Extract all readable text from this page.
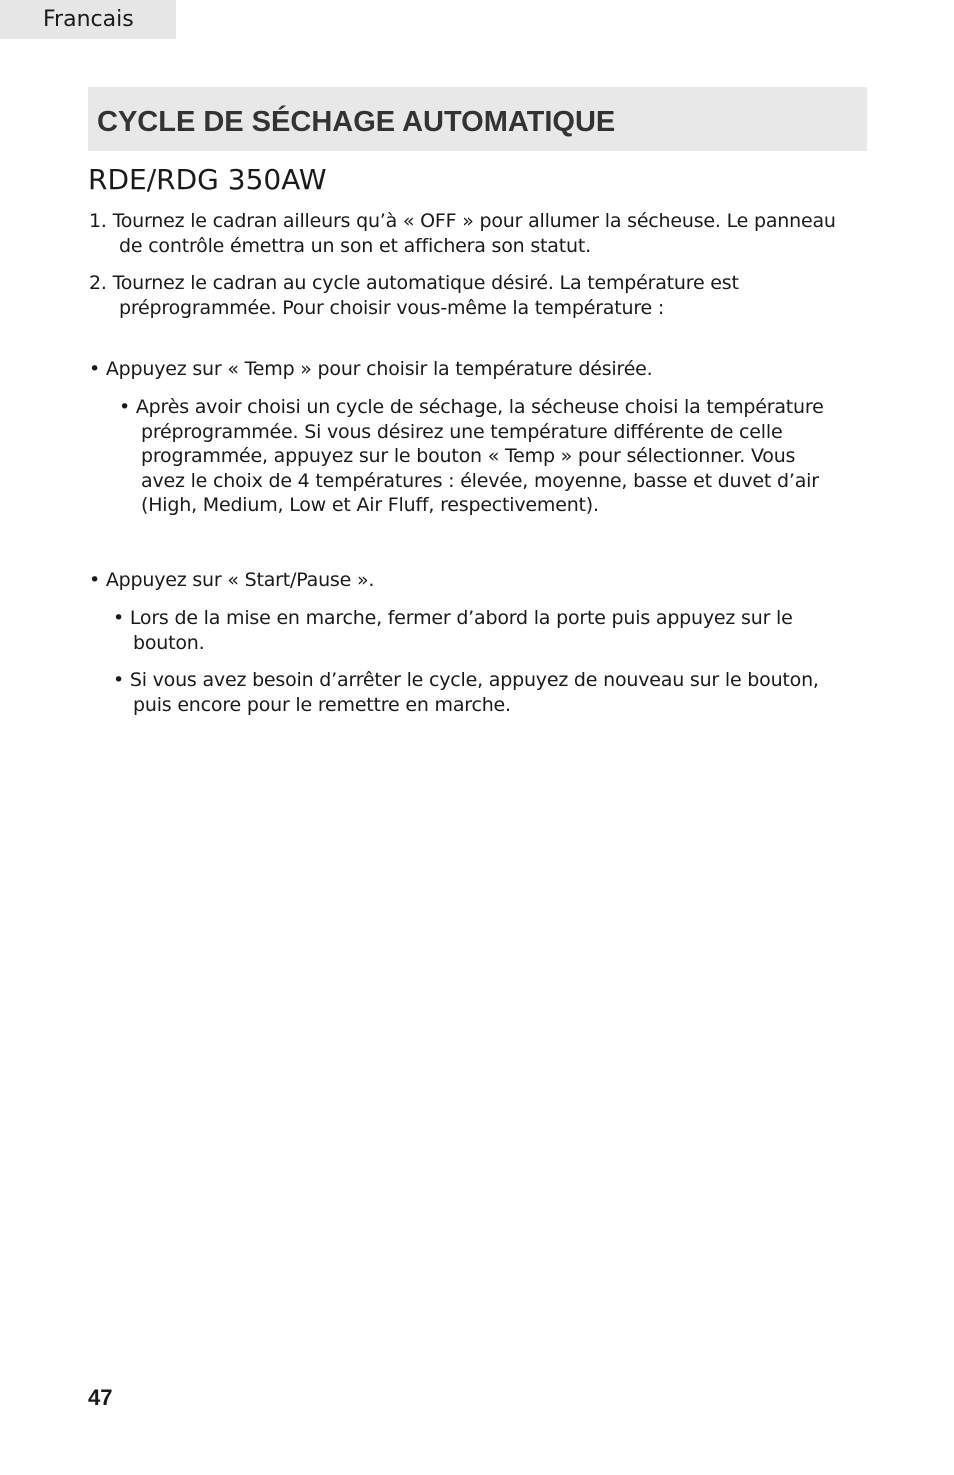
Francais
CYCLE DE SÉCHAGE AUTOMATIQUE
RDE/RDG 350AW

1. Tournez le cadran ailleurs qu’à « OFF » pour allumer la sécheuse. Le panneau
de contrôle émettra un son et affichera son statut.

2. Tournez le cadran au cycle automatique désiré. La température est
préprogrammée. Pour choisir vous-même la température :

• Appuyez sur « Temp » pour choisir la température désirée.

• Après avoir choisi un cycle de séchage, la sécheuse choisi la température
préprogrammée. Si vous désirez une température différente de celle
programmée, appuyez sur le bouton « Temp » pour sélectionner. Vous
avez le choix de 4 températures : élevée, moyenne, basse et duvet d’air
(High, Medium, Low et Air Fluff, respectivement).

• Appuyez sur « Start/Pause ».

• Lors de la mise en marche, fermer d’abord la porte puis appuyez sur le
bouton.

• Si vous avez besoin d’arrêter le cycle, appuyez de nouveau sur le bouton,
puis encore pour le remettre en marche.

47
